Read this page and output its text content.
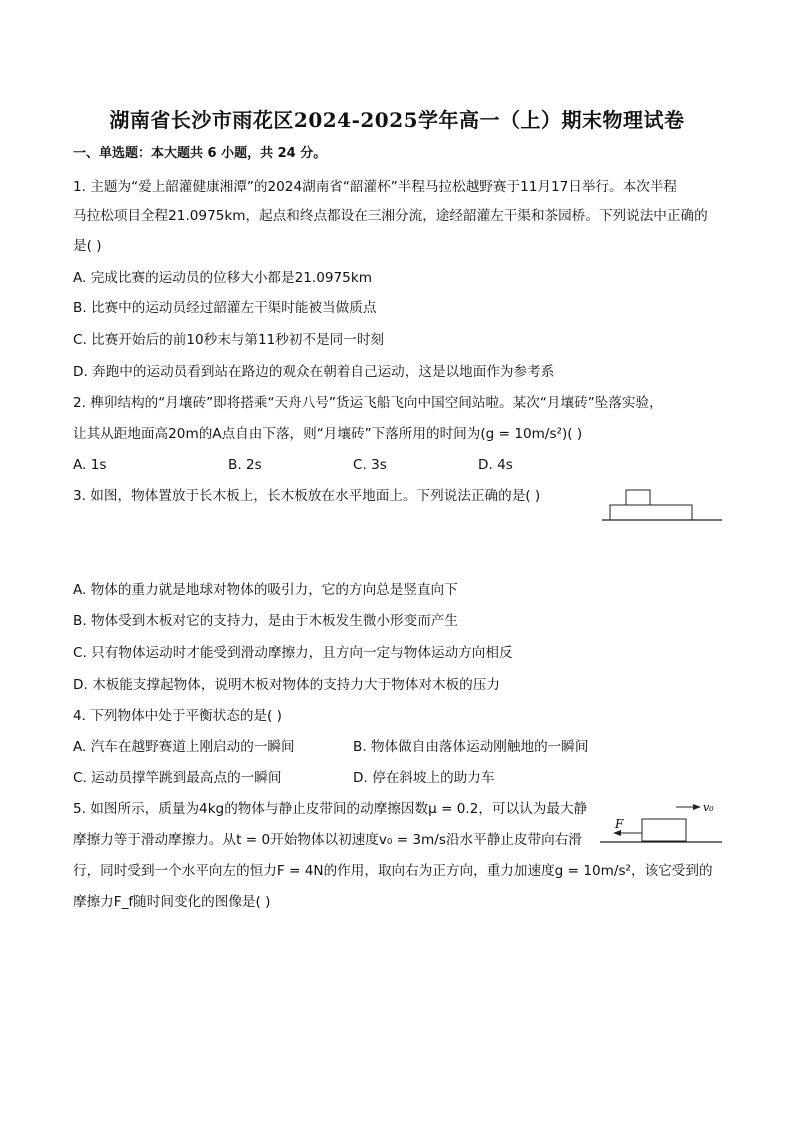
湖南省长沙市雨花区2024-2025学年高一（上）期末物理试卷
一、单选题：本大题共 6 小题，共 24 分。
1. 主题为“爱上韶灌健康湘潭”的2024湖南省“韶灌杯”半程马拉松越野赛于11月17日举行。本次半程
马拉松项目全程21.0975km，起点和终点都设在三湘分流，途经韶灌左干渠和茶园桥。下列说法中正确的
是( )
A. 完成比赛的运动员的位移大小都是21.0975km
B. 比赛中的运动员经过韶灌左干渠时能被当做质点
C. 比赛开始后的前10秒末与第11秒初不是同一时刻
D. 奔跑中的运动员看到站在路边的观众在朝着自己运动，这是以地面作为参考系
2. 榫卯结构的“月壤砖”即将搭乘“天舟八号”货运飞船飞向中国空间站啦。某次“月壤砖”坠落实验，
让其从距地面高20m的A点自由下落，则“月壤砖”下落所用的时间为(g = 10m/s²)( )
A. 1s	B. 2s	C. 3s	D. 4s
3. 如图，物体置放于长木板上，长木板放在水平地面上。下列说法正确的是( )
A. 物体的重力就是地球对物体的吸引力，它的方向总是竖直向下
B. 物体受到木板对它的支持力，是由于木板发生微小形变而产生
C. 只有物体运动时才能受到滑动摩擦力，且方向一定与物体运动方向相反
D. 木板能支撑起物体，说明木板对物体的支持力大于物体对木板的压力
4. 下列物体中处于平衡状态的是( )
A. 汽车在越野赛道上刚启动的一瞬间	B. 物体做自由落体运动刚触地的一瞬间
C. 运动员撑竿跳到最高点的一瞬间	D. 停在斜坡上的助力车
5. 如图所示，质量为4kg的物体与静止皮带间的动摩擦因数μ = 0.2，可以认为最大静
摩擦力等于滑动摩擦力。从t = 0开始物体以初速度v₀ = 3m/s沿水平静止皮带向右滑
行，同时受到一个水平向左的恒力F = 4N的作用，取向右为正方向，重力加速度g = 10m/s²，该它受到的
摩擦力F_f随时间变化的图像是( )
v₀
F
